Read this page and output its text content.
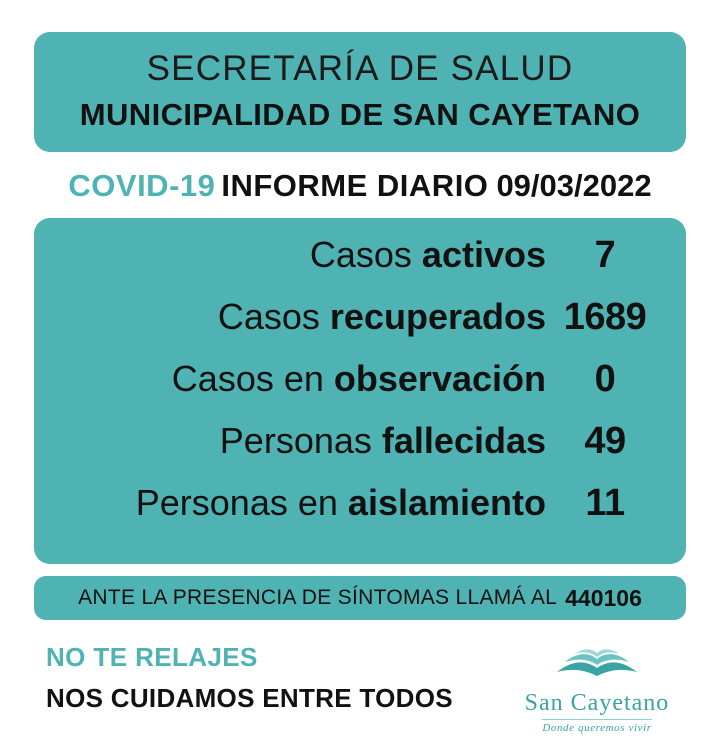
SECRETARÍA DE SALUD
MUNICIPALIDAD DE SAN CAYETANO
COVID-19 INFORME DIARIO 09/03/2022
Casos activos	7
Casos recuperados 1689
Casos en observación	0
Personas fallecidas	49
Personas en aislamiento	11
ANTE LA PRESENCIA DE SÍNTOMAS LLAMÁ AL 440106
NO TE RELAJES
NOS CUIDAMOS ENTRE TODOS	San Cayetano
Donde queremos vivir
